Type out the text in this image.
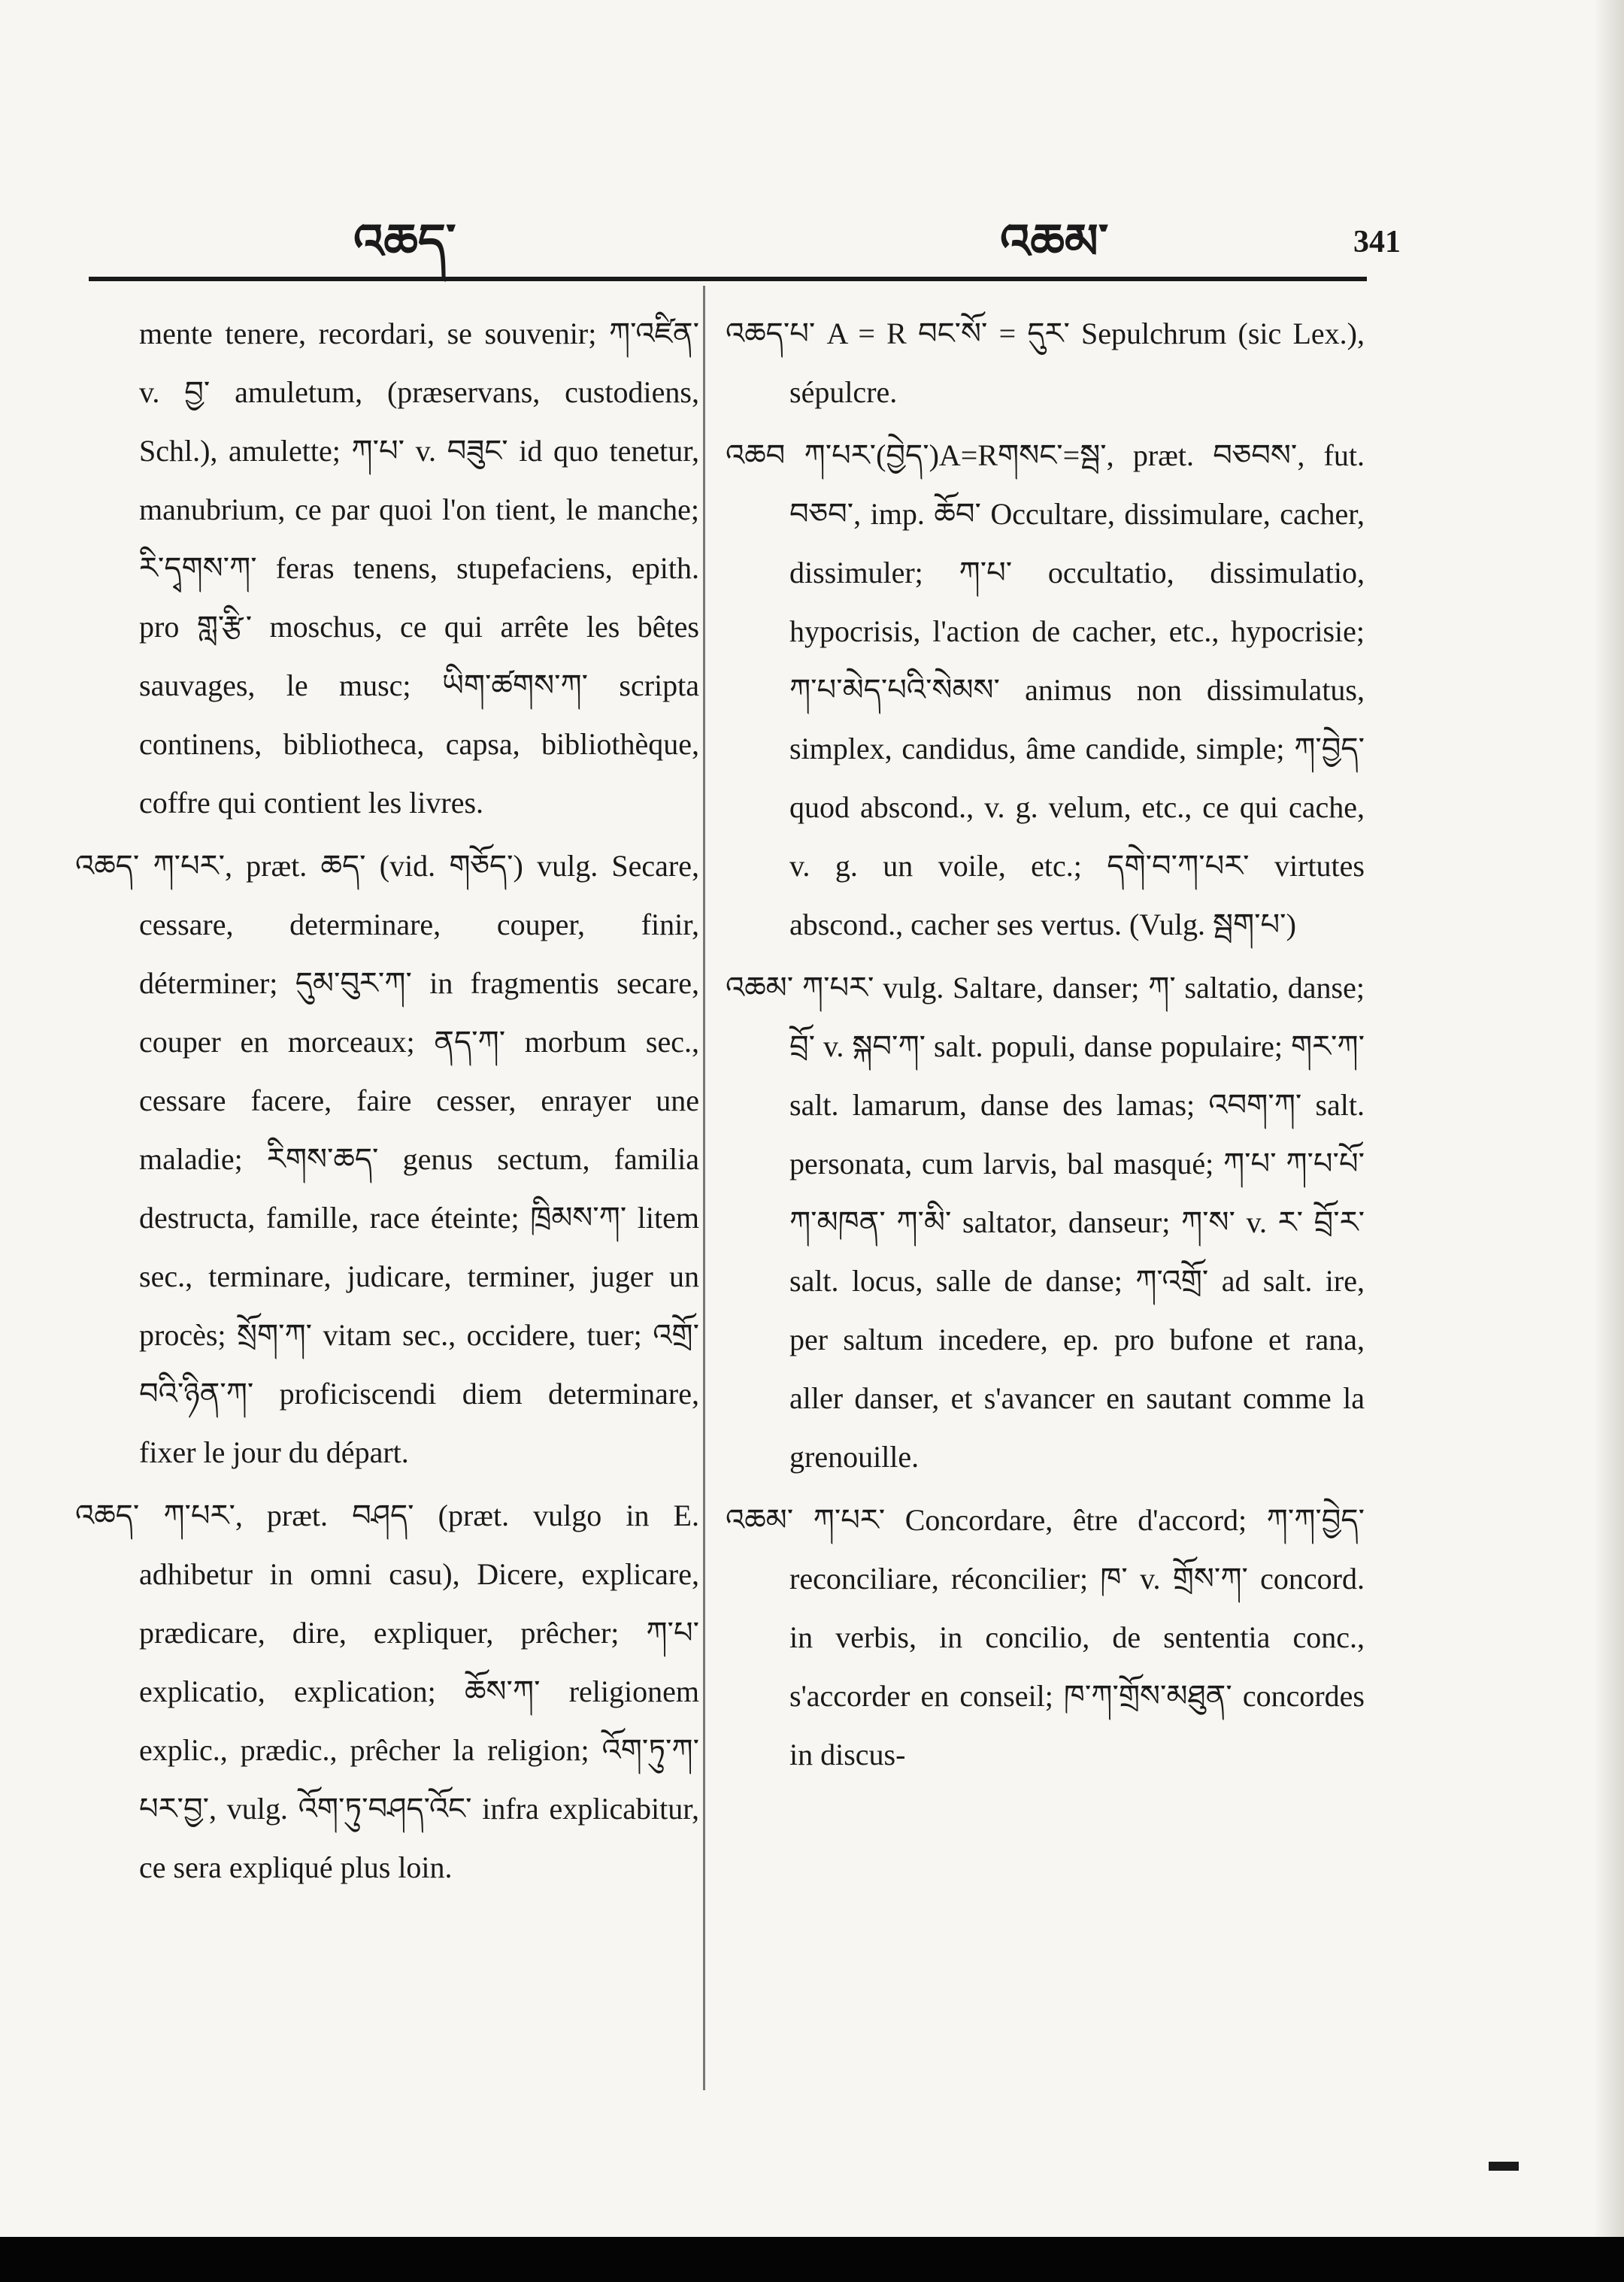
འཆད་	འཆམ་	341

mente tenere, recordari, se souvenir; ཀ་འཛིན་ v. བྱ་ amuletum, (præservans, custodiens, Schl.), amulette; ཀ་པ་ v. བཟུང་ id quo tenetur, manubrium, ce par quoi l'on tient, le manche; རི་དྭགས་ཀ་ feras tenens, stupefaciens, epith. pro གླ་རྩི་ moschus, ce qui arrête les bêtes sauvages, le musc; ཡིག་ཚགས་ཀ་ scripta continens, bibliotheca, capsa, bibliothèque, coffre qui contient les livres.

འཆད་ ཀ་པར་, præt. ཆད་ (vid. གཅོད་) vulg. Secare, cessare, determinare, couper, finir, déterminer; དུམ་བུར་ཀ་ in fragmentis secare, couper en morceaux; ནད་ཀ་ morbum sec., cessare facere, faire cesser, enrayer une maladie; རིགས་ཆད་ genus sectum, familia destructa, famille, race éteinte; ཁྲིམས་ཀ་ litem sec., terminare, judicare, terminer, juger un procès; སྲོག་ཀ་ vitam sec., occidere, tuer; འགྲོ་བའི་ཉིན་ཀ་ proficiscendi diem determinare, fixer le jour du départ.

འཆད་ ཀ་པར་, præt. བཤད་ (præt. vulgo in E. adhibetur in omni casu), Dicere, explicare, prædicare, dire, expliquer, prêcher; ཀ་པ་ explicatio, explication; ཆོས་ཀ་ religionem explic., prædic., prêcher la religion; འོག་ཏུ་ཀ་པར་བྱ་, vulg. འོག་ཏུ་བཤད་འོང་ infra explicabitur, ce sera expliqué plus loin.

འཆད་པ་ A = R བང་སོ་ = དུར་ Sepulchrum (sic Lex.), sépulcre.

འཆབ ཀ་པར་(བྱེད་)A=Rགསང་=སྦ་, præt. བཅབས་, fut. བཅབ་, imp. ཆོབ་ Occultare, dissimulare, cacher, dissimuler; ཀ་པ་ occultatio, dissimulatio, hypocrisis, l'action de cacher, etc., hypocrisie; ཀ་པ་མེད་པའི་སེམས་ animus non dissimulatus, simplex, candidus, âme candide, simple; ཀ་བྱེད་ quod abscond., v. g. velum, etc., ce qui cache, v. g. un voile, etc.; དགེ་བ་ཀ་པར་ virtutes abscond., cacher ses vertus. (Vulg. སྦག་པ་)

འཆམ་ ཀ་པར་ vulg. Saltare, danser; ཀ་ saltatio, danse; བྲོ་ v. སྐབ་ཀ་ salt. populi, danse populaire; གར་ཀ་ salt. lamarum, danse des lamas; འབག་ཀ་ salt. personata, cum larvis, bal masqué; ཀ་པ་ ཀ་པ་པོ་ ཀ་མཁན་ ཀ་མི་ saltator, danseur; ཀ་ས་ v. ར་ བྲོ་ར་ salt. locus, salle de danse; ཀ་འགྲོ་ ad salt. ire, per saltum incedere, ep. pro bufone et rana, aller danser, et s'avancer en sautant comme la grenouille.

འཆམ་ ཀ་པར་ Concordare, être d'accord; ཀ་ཀ་བྱེད་ reconciliare, réconcilier; ཁ་ v. གྲོས་ཀ་ concord. in verbis, in concilio, de sententia conc., s'accorder en conseil; ཁ་ཀ་གྲོས་མཐུན་ concordes in discus-

▬
